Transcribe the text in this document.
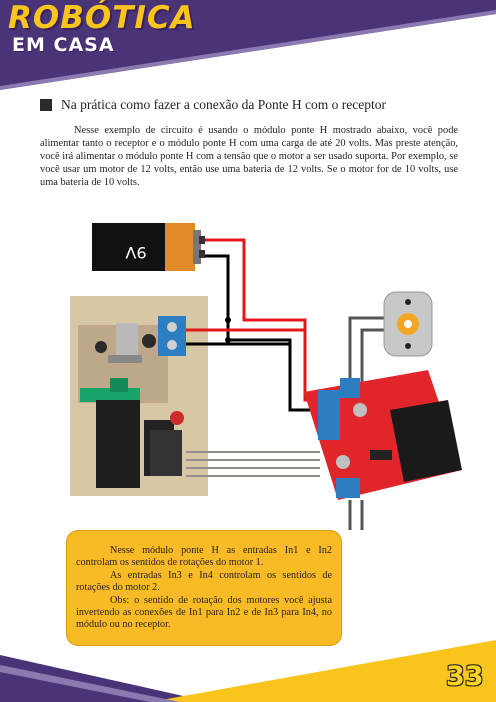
ROBÓTICA
EM CASA
Na prática como fazer a conexão da Ponte H com o receptor
Nesse exemplo de circuito é usando o módulo ponte H mostrado abaixo, você pode alimentar tanto o receptor e o módulo ponte H com uma carga de até 20 volts. Mas preste atenção, você irá alimentar o módulo ponte H com a tensão que o motor a ser usado suporta. Por exemplo, se você usar um motor de 12 volts, então use uma bateria de 12 volts. Se o motor for de 10 volts, use uma bateria de 10 volts.
9V

Nesse módulo ponte H as entradas In1 e In2 controlam os sentidos de rotações do motor 1.

As entradas In3 e In4 controlam os sentidos de rotações do motor 2.

Obs: o sentido de rotação dos motores você ajusta invertendo as conexões de In1 para In2 e de In3 para In4, no módulo ou no receptor.

33
